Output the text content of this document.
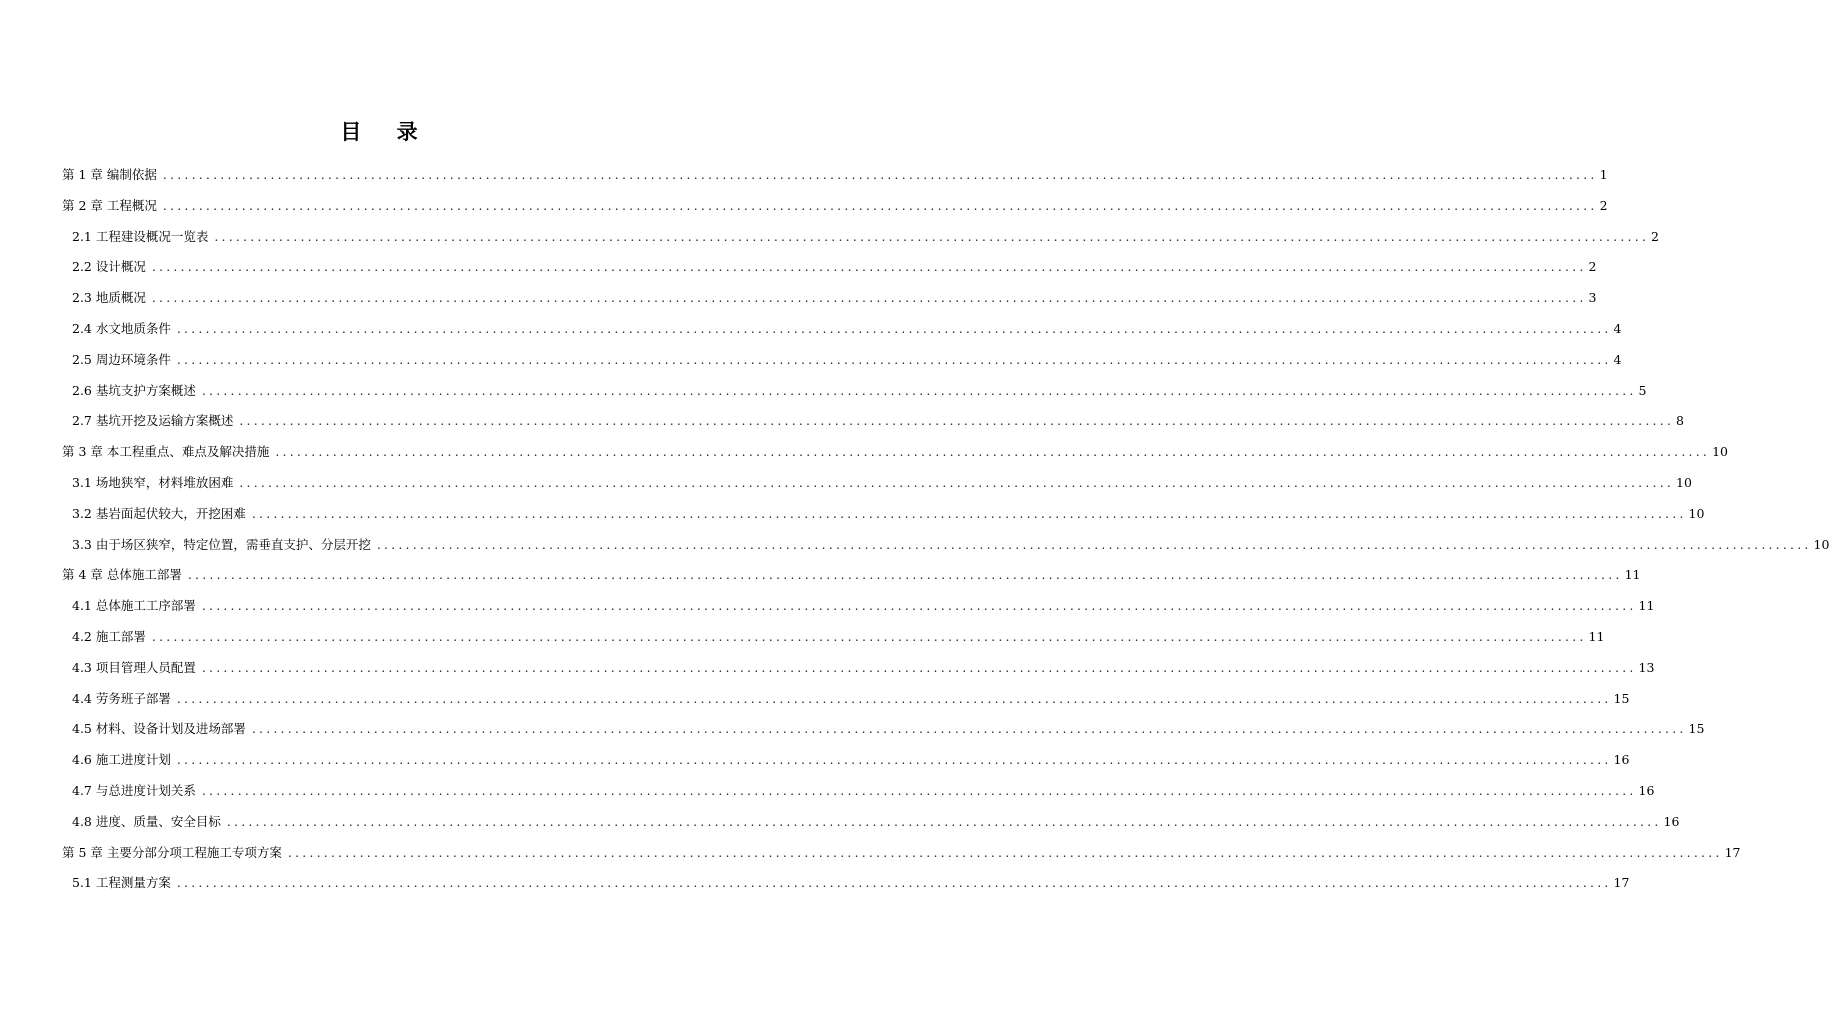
目 录
第 1 章 编制依据 ........................................................................................................................................................................................................ 1
第 2 章 工程概况 ........................................................................................................................................................................................................ 2
2.1 工程建设概况一览表 ........................................................................................................................................................................................................ 2
2.2 设计概况 ........................................................................................................................................................................................................ 2
2.3 地质概况 ........................................................................................................................................................................................................ 3
2.4 水文地质条件 ........................................................................................................................................................................................................ 4
2.5 周边环境条件 ........................................................................................................................................................................................................ 4
2.6 基坑支护方案概述 ........................................................................................................................................................................................................ 5
2.7 基坑开挖及运输方案概述 ........................................................................................................................................................................................................ 8
第 3 章 本工程重点、难点及解决措施 ........................................................................................................................................................................................................ 10
3.1 场地狭窄，材料堆放困难 ........................................................................................................................................................................................................ 10
3.2 基岩面起伏较大，开挖困难 ........................................................................................................................................................................................................ 10
3.3 由于场区狭窄，特定位置，需垂直支护、分层开挖 ........................................................................................................................................................................................................ 10
第 4 章 总体施工部署 ........................................................................................................................................................................................................ 11
4.1 总体施工工序部署 ........................................................................................................................................................................................................ 11
4.2 施工部署 ........................................................................................................................................................................................................ 11
4.3 项目管理人员配置 ........................................................................................................................................................................................................ 13
4.4 劳务班子部署 ........................................................................................................................................................................................................ 15
4.5 材料、设备计划及进场部署 ........................................................................................................................................................................................................ 15
4.6 施工进度计划 ........................................................................................................................................................................................................ 16
4.7 与总进度计划关系 ........................................................................................................................................................................................................ 16
4.8 进度、质量、安全目标 ........................................................................................................................................................................................................ 16
第 5 章 主要分部分项工程施工专项方案 ........................................................................................................................................................................................................ 17
5.1 工程测量方案 ........................................................................................................................................................................................................ 17
